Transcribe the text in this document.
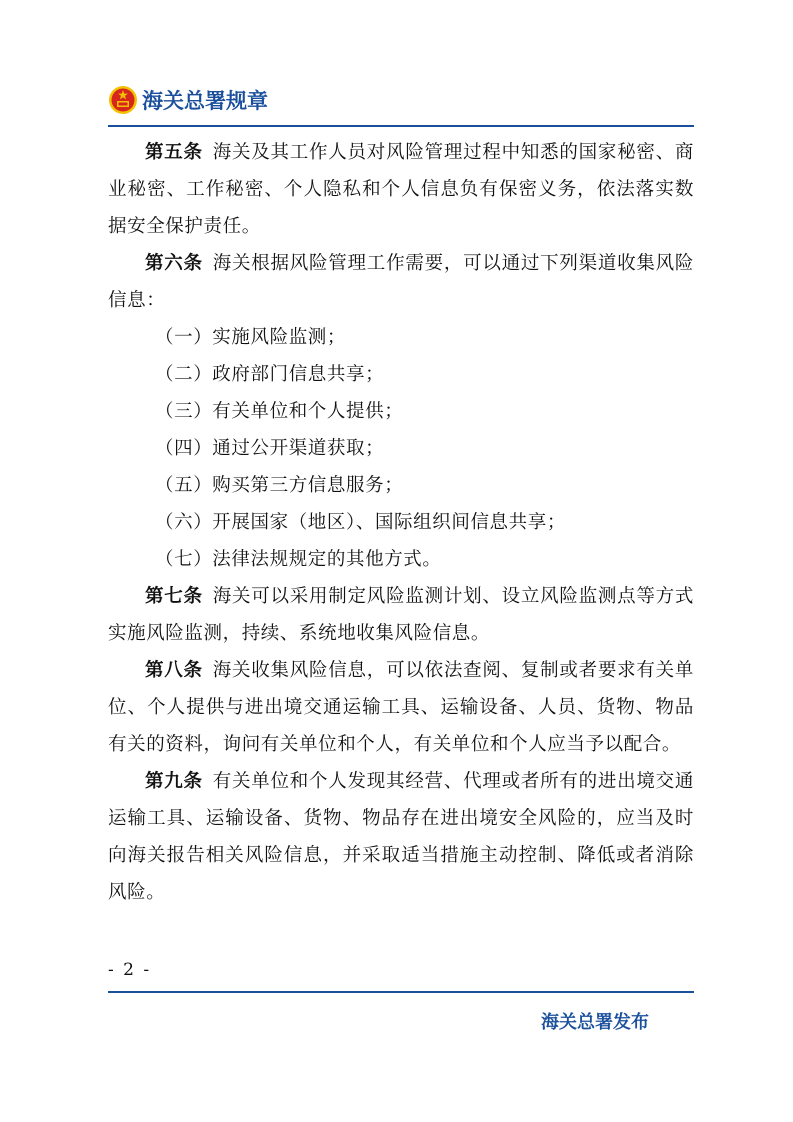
海关总署规章

第五条  海关及其工作人员对风险管理过程中知悉的国家秘密、商业秘密、工作秘密、个人隐私和个人信息负有保密义务，依法落实数据安全保护责任。

第六条  海关根据风险管理工作需要，可以通过下列渠道收集风险信息：

（一）实施风险监测；

（二）政府部门信息共享；

（三）有关单位和个人提供；

（四）通过公开渠道获取；

（五）购买第三方信息服务；

（六）开展国家（地区）、国际组织间信息共享；

（七）法律法规规定的其他方式。

第七条  海关可以采用制定风险监测计划、设立风险监测点等方式实施风险监测，持续、系统地收集风险信息。

第八条  海关收集风险信息，可以依法查阅、复制或者要求有关单位、个人提供与进出境交通运输工具、运输设备、人员、货物、物品有关的资料，询问有关单位和个人，有关单位和个人应当予以配合。

第九条  有关单位和个人发现其经营、代理或者所有的进出境交通运输工具、运输设备、货物、物品存在进出境安全风险的，应当及时向海关报告相关风险信息，并采取适当措施主动控制、降低或者消除风险。

- 2 -
海关总署发布
